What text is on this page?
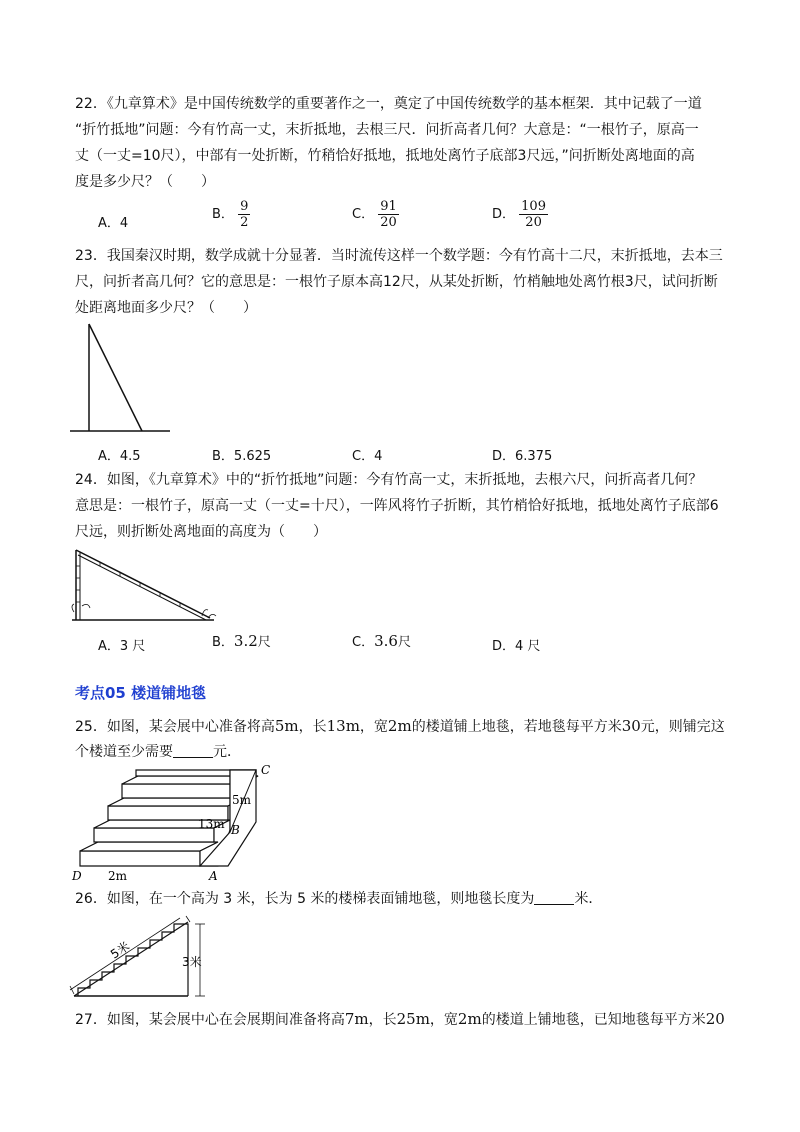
22．《九章算术》是中国传统数学的重要著作之一，奠定了中国传统数学的基本框架．其中记载了一道
“折竹抵地”问题：今有竹高一丈，末折抵地，去根三尺．问折高者几何？大意是：“一根竹子，原高一
丈（一丈=10尺），中部有一处折断，竹稍恰好抵地，抵地处离竹子底部3尺远，”问折断处离地面的高
度是多少尺？（　　）
A．4
B． $\frac{9}{2}$	C． $\frac{91}{20}$	D． $\frac{109}{20}$
23．我国秦汉时期，数学成就十分显著．当时流传这样一个数学题：今有竹高十二尺，末折抵地，去本三
尺，问折者高几何？它的意思是：一根竹子原本高12尺，从某处折断，竹梢触地处离竹根3尺，试问折断
处距离地面多少尺？（　　）
A．4.5	B．5.625	C．4	D．6.375
24．如图，《九章算术》中的“折竹抵地”问题：今有竹高一丈，末折抵地，去根六尺，问折高者几何？
意思是：一根竹子，原高一丈（一丈=十尺），一阵风将竹子折断，其竹梢恰好抵地，抵地处离竹子底部6
尺远，则折断处离地面的高度为（　　）
A．3 尺	B．3.2尺	C．3.6尺	D．4 尺
考点05 楼道铺地毯
25．如图，某会展中心准备将高5m，长13m，宽2m的楼道铺上地毯，若地毯每平方米30元，则铺完这
个楼道至少需要	元．
C
B
A
D
5m
13m
2m
26．如图，在一个高为 3 米，长为 5 米的楼梯表面铺地毯，则地毯长度为	米．
5米
3米
27．如图，某会展中心在会展期间准备将高7m，长25m，宽2m的楼道上铺地毯，已知地毯每平方米20
